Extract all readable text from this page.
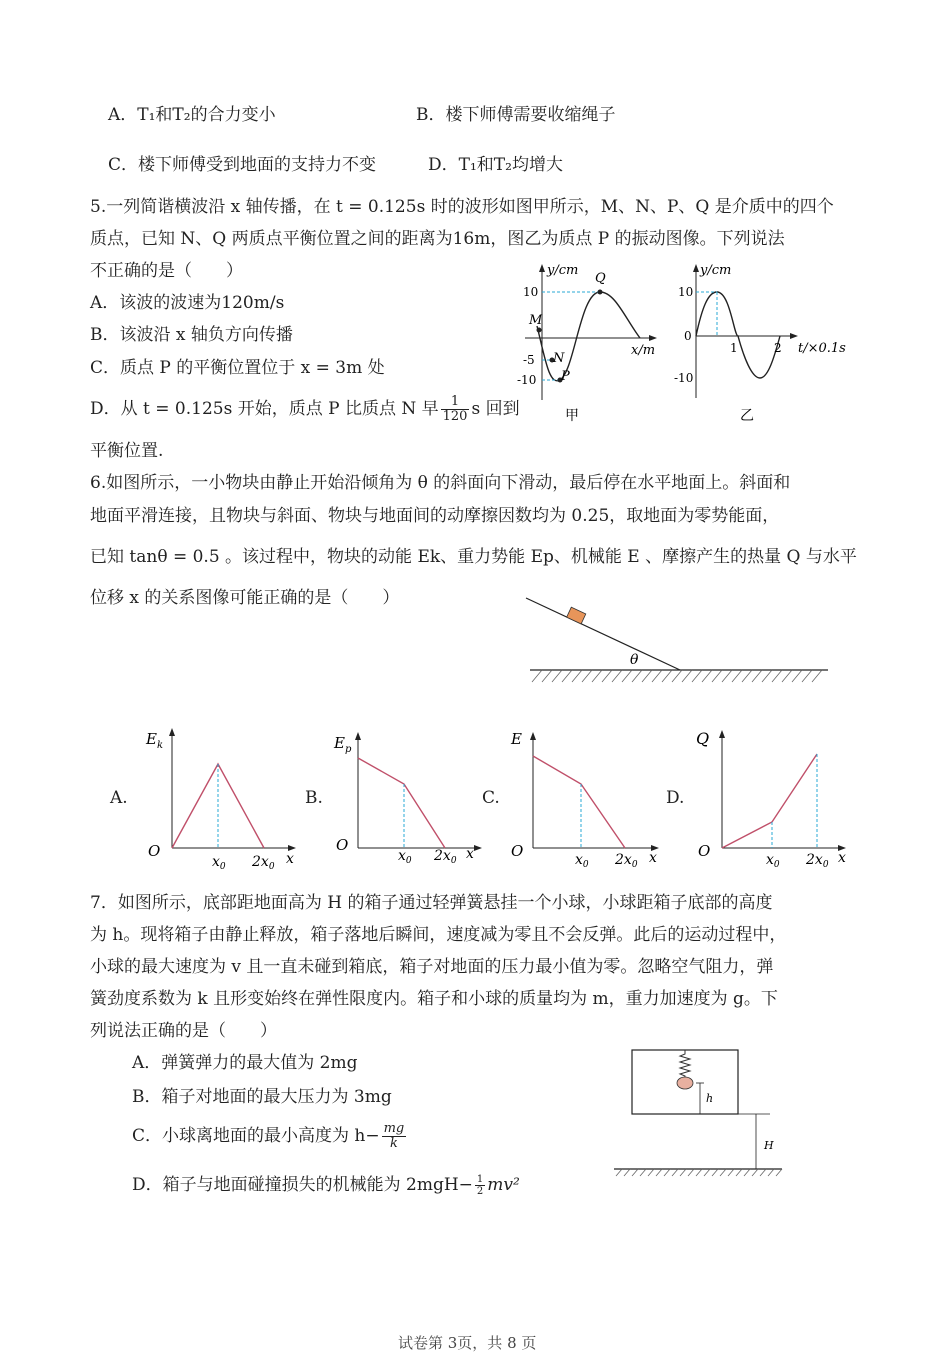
A．T₁和T₂的合力变小	B．楼下师傅需要收缩绳子
C．楼下师傅受到地面的支持力不变	D．T₁和T₂均增大
5.一列简谐横波沿 x 轴传播，在 t = 0.125s 时的波形如图甲所示，M、N、P、Q 是介质中的四个
质点，已知 N、Q 两质点平衡位置之间的距离为16m，图乙为质点 P 的振动图像。下列说法
不正确的是（　　）
A．该波的波速为120m/s
B．该波沿 x 轴负方向传播
C．质点 P 的平衡位置位于 x = 3m 处
D．从 t = 0.125s 开始，质点 P 比质点 N 早 $\frac{1}{120}$ s 回到
平衡位置.
y/cm
x/m
10
-5
-10
Q
M
N
P
甲
y/cm
t/×0.1s
10
0
-10
1	2
乙
6.如图所示，一小物块由静止开始沿倾角为 θ 的斜面向下滑动，最后停在水平地面上。斜面和
地面平滑连接，且物块与斜面、物块与地面间的动摩擦因数均为 0.25，取地面为零势能面，
已知 tanθ = 0.5 。该过程中，物块的动能 Ek、重力势能 Ep、机械能 E 、摩擦产生的热量 Q 与水平
位移 x 的关系图像可能正确的是（　　）
θ
A.
$E_k$
O
$x_0$ $2x_0$ x
B.
$E_p$
O
$x_0$ $2x_0$ x
C.
E
O	$x_0$ $2x_0$ x
D.
Q
O	$x_0$ $2x_0$ x
7．如图所示，底部距地面高为 H 的箱子通过轻弹簧悬挂一个小球，小球距箱子底部的高度
为 h。现将箱子由静止释放，箱子落地后瞬间，速度减为零且不会反弹。此后的运动过程中，
小球的最大速度为 v 且一直未碰到箱底，箱子对地面的压力最小值为零。忽略空气阻力，弹
簧劲度系数为 k 且形变始终在弹性限度内。箱子和小球的质量均为 m，重力加速度为 g。下
列说法正确的是（　　）
A．弹簧弹力的最大值为 2mg
B．箱子对地面的最大压力为 3mg
C．小球离地面的最小高度为 $h- \frac{mg}{k}$
D．箱子与地面碰撞损失的机械能为 $2mgH- \frac{1}{2} mv^2$
h
H
试卷第 3页，共 8 页
